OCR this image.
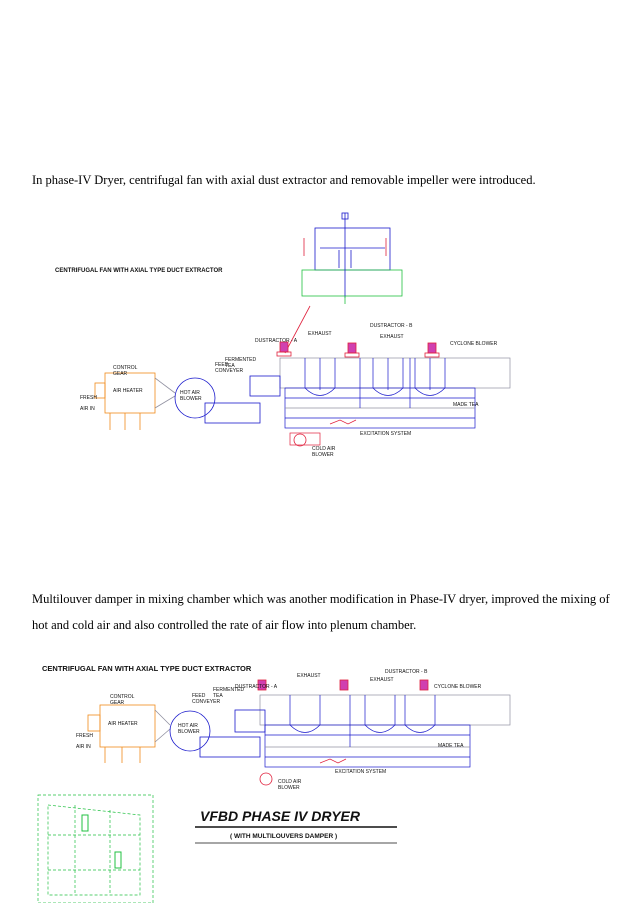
In phase-IV Dryer, centrifugal fan with axial dust extractor and removable impeller were introduced.

CENTRIFUGAL FAN WITH AXIAL TYPE DUCT EXTRACTOR
DUSTRACTOR - A
DUSTRACTOR - B
EXHAUST	EXHAUST
CYCLONE BLOWER
CONTROL
GEAR
FEED
CONVEYER
FERMENTED
TEA
FRESH
AIR IN
AIR HEATER	HOT AIR
BLOWER
MADE TEA
EXCITATION SYSTEM
COLD AIR
BLOWER

Multilouver damper in mixing chamber which was another modification in Phase-IV dryer, improved the mixing of hot and cold air and also controlled the rate of air flow into plenum chamber.

CENTRIFUGAL FAN WITH AXIAL TYPE DUCT EXTRACTOR
DUSTRACTOR - A
DUSTRACTOR - B
EXHAUST
EXHAUST
CYCLONE BLOWER
CONTROL
GEAR
FEED
CONVEYER
FERMENTED
TEA
FRESH
AIR IN
AIR HEATER	HOT AIR
BLOWER
MADE TEA
EXCITATION SYSTEM
COLD AIR
BLOWER
VFBD PHASE IV DRYER
( WITH MULTILOUVERS DAMPER )
